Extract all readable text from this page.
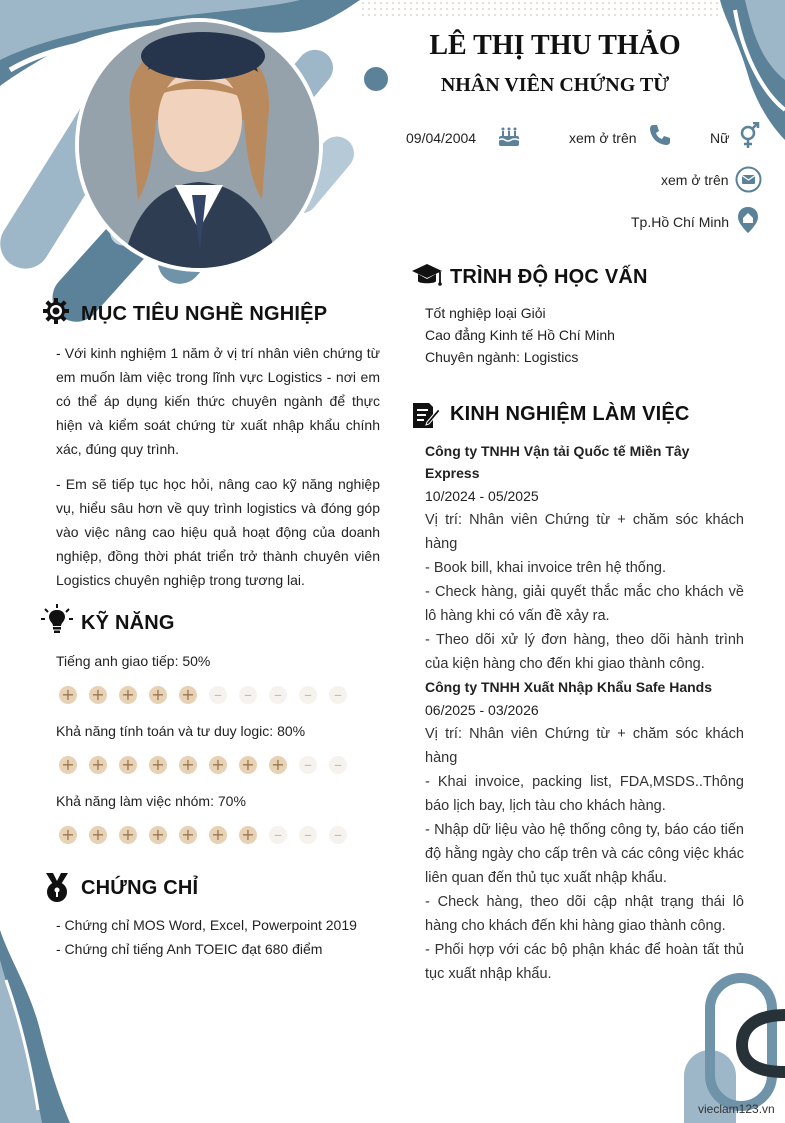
LÊ THỊ THU THẢO
NHÂN VIÊN CHỨNG TỪ
09/04/2004	xem ở trên	Nữ
xem ở trên
Tp.Hồ Chí Minh
MỤC TIÊU NGHỀ NGHIỆP
- Với kinh nghiệm 1 năm ở vị trí nhân viên chứng từ em muốn làm việc trong lĩnh vực Logistics - nơi em có thể áp dụng kiến thức chuyên ngành để thực hiện và kiểm soát chứng từ xuất nhập khẩu chính xác, đúng quy trình.
- Em sẽ tiếp tục học hỏi, nâng cao kỹ năng nghiệp vụ, hiểu sâu hơn về quy trình logistics và đóng góp vào việc nâng cao hiệu quả hoạt động của doanh nghiệp, đồng thời phát triển trở thành chuyên viên Logistics chuyên nghiệp trong tương lai.
KỸ NĂNG
Tiếng anh giao tiếp: 50%
+ + + + +	–	–	–	–	–
Khả năng tính toán và tư duy logic: 80%
+ + + + + + + +	–	–
Khả năng làm việc nhóm: 70%
+ + + + + + +	–	–	–
CHỨNG CHỈ
- Chứng chỉ MOS Word, Excel, Powerpoint 2019
- Chứng chỉ tiếng Anh TOEIC đạt 680 điểm
TRÌNH ĐỘ HỌC VẤN
Tốt nghiệp loại Giỏi
Cao đẳng Kinh tế Hồ Chí Minh
Chuyên ngành: Logistics
KINH NGHIỆM LÀM VIỆC
Công ty TNHH Vận tải Quốc tế Miền Tây Express
10/2024 - 05/2025
Vị trí: Nhân viên Chứng từ + chăm sóc khách hàng
- Book bill, khai invoice trên hệ thống.
- Check hàng, giải quyết thắc mắc cho khách về lô hàng khi có vấn đề xảy ra.
- Theo dõi xử lý đơn hàng, theo dõi hành trình của kiện hàng cho đến khi giao thành công.
Công ty TNHH Xuất Nhập Khẩu Safe Hands
06/2025 - 03/2026
Vị trí: Nhân viên Chứng từ + chăm sóc khách hàng
- Khai invoice, packing list, FDA,MSDS..Thông báo lịch bay, lịch tàu cho khách hàng.
- Nhập dữ liệu vào hệ thống công ty, báo cáo tiến độ hằng ngày cho cấp trên và các công việc khác liên quan đến thủ tục xuất nhập khẩu.
- Check hàng, theo dõi cập nhật trạng thái lô hàng cho khách đến khi hàng giao thành công.
- Phối hợp với các bộ phận khác để hoàn tất thủ tục xuất nhập khẩu.
vieclam123.vn
